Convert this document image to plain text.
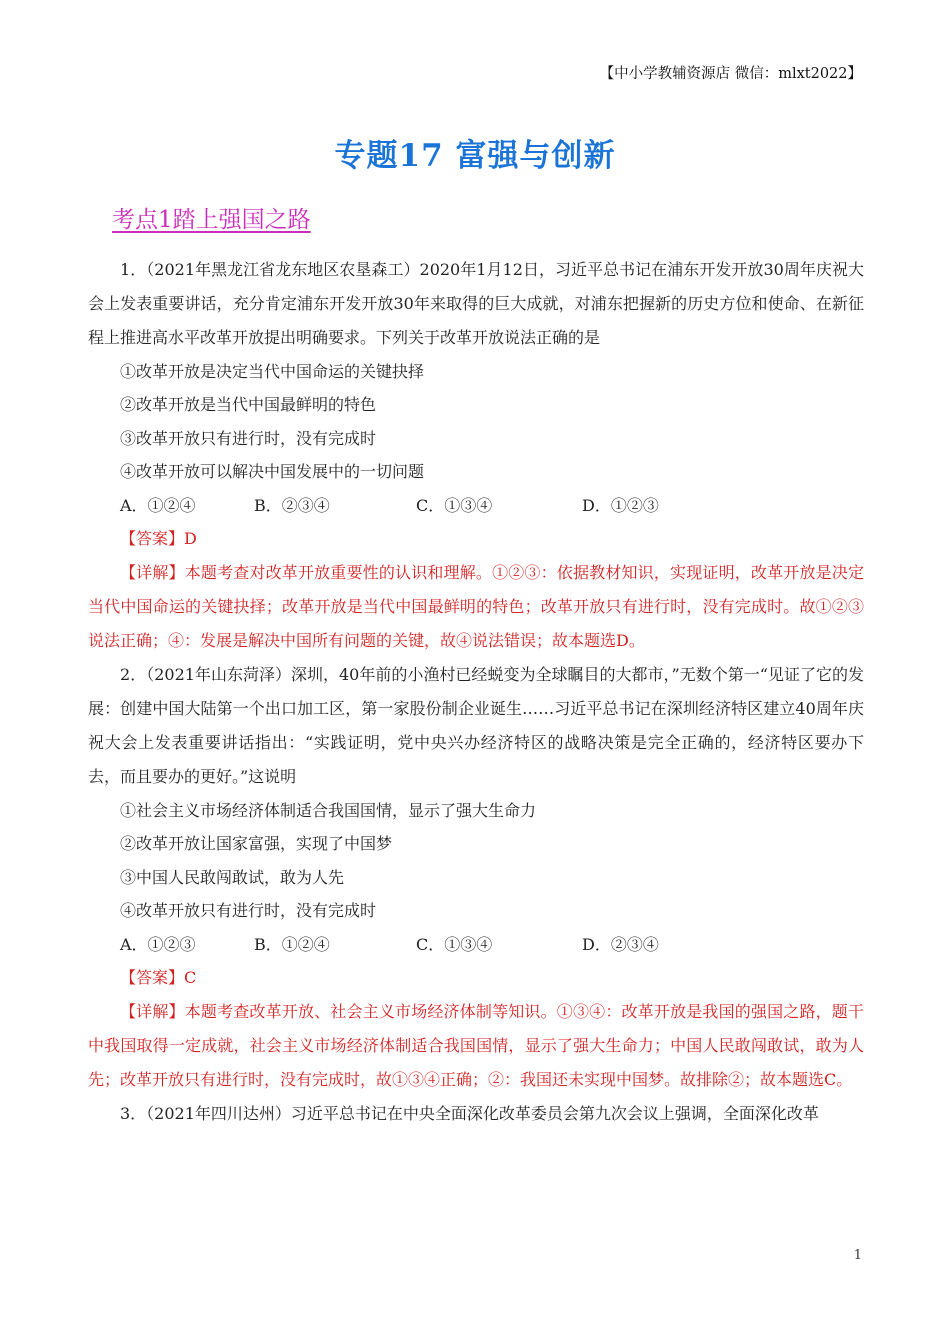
【中小学教辅资源店 微信：mlxt2022】
专题17 富强与创新
考点1踏上强国之路

1．（2021年黑龙江省龙东地区农垦森工）2020年1月12日，习近平总书记在浦东开发开放30周年庆祝大会上发表重要讲话，充分肯定浦东开发开放30年来取得的巨大成就，对浦东把握新的历史方位和使命、在新征程上推进高水平改革开放提出明确要求。下列关于改革开放说法正确的是

①改革开放是决定当代中国命运的关键抉择

②改革开放是当代中国最鲜明的特色

③改革开放只有进行时，没有完成时

④改革开放可以解决中国发展中的一切问题

A．①②④	B．②③④	C．①③④	D．①②③

【答案】D

【详解】本题考查对改革开放重要性的认识和理解。①②③：依据教材知识，实现证明，改革开放是决定当代中国命运的关键抉择；改革开放是当代中国最鲜明的特色；改革开放只有进行时，没有完成时。故①②③说法正确；④：发展是解决中国所有问题的关键，故④说法错误；故本题选D。

2．（2021年山东菏泽）深圳，40年前的小渔村已经蜕变为全球瞩目的大都市，”无数个第一“见证了它的发展：创建中国大陆第一个出口加工区，第一家股份制企业诞生……习近平总书记在深圳经济特区建立40周年庆祝大会上发表重要讲话指出：“实践证明，党中央兴办经济特区的战略决策是完全正确的，经济特区要办下去，而且要办的更好。”这说明

①社会主义市场经济体制适合我国国情，显示了强大生命力

②改革开放让国家富强，实现了中国梦

③中国人民敢闯敢试，敢为人先

④改革开放只有进行时，没有完成时

A．①②③	B．①②④	C．①③④	D．②③④

【答案】C

【详解】本题考查改革开放、社会主义市场经济体制等知识。①③④：改革开放是我国的强国之路，题干中我国取得一定成就，社会主义市场经济体制适合我国国情，显示了强大生命力；中国人民敢闯敢试，敢为人先；改革开放只有进行时，没有完成时，故①③④正确；②：我国还未实现中国梦。故排除②；故本题选C。

3．（2021年四川达州）习近平总书记在中央全面深化改革委员会第九次会议上强调，全面深化改革

1
